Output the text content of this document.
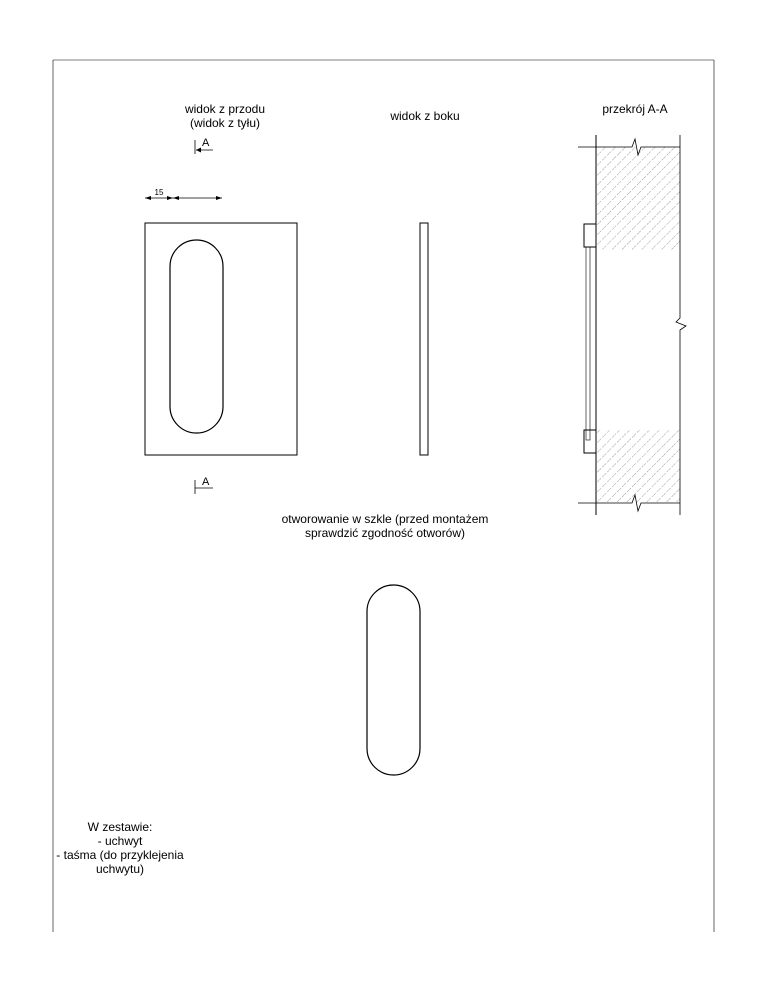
widok z przodu
(widok z tyłu)	widok z boku	przekrój A-A
A
A
15
otworowanie w szkle (przed montażem
sprawdzić zgodność otworów)
W zestawie:
- uchwyt
- taśma (do przyklejenia
uchwytu)
